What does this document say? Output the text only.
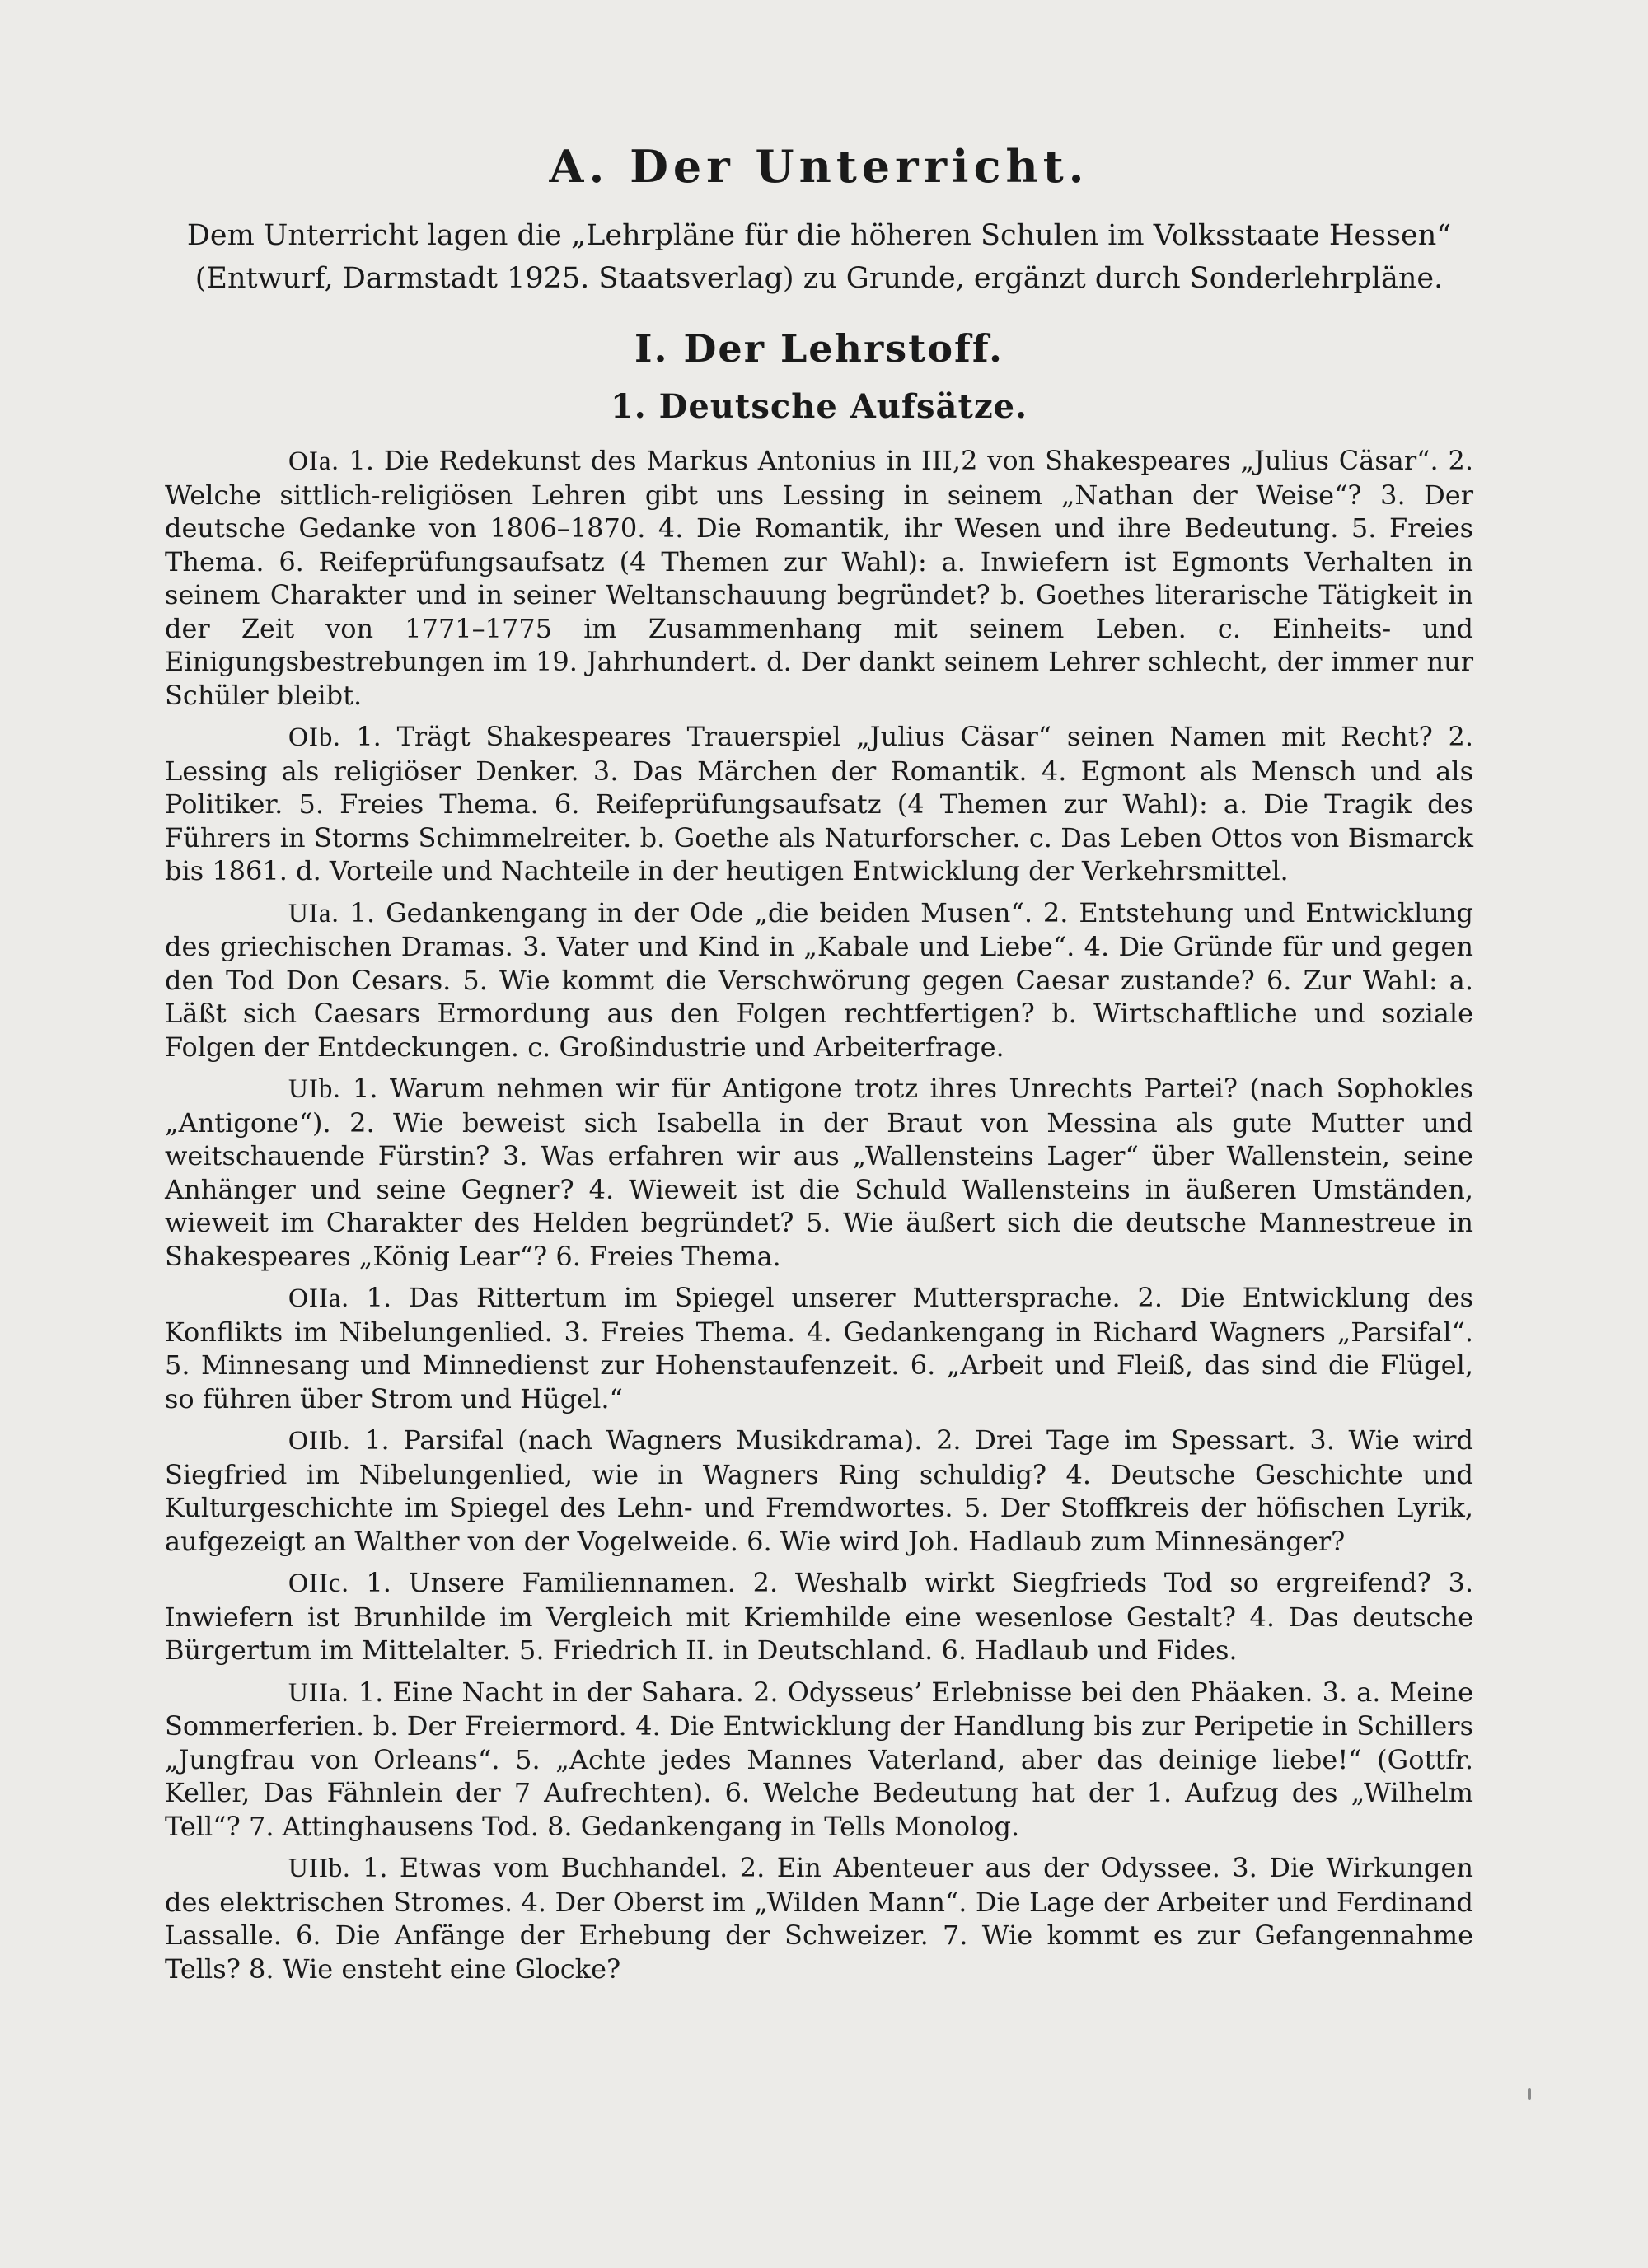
A. Der Unterricht.

Dem Unterricht lagen die „Lehrpläne für die höheren Schulen im Volksstaate Hessen“ (Entwurf, Darmstadt 1925. Staatsverlag) zu Grunde, ergänzt durch Sonderlehrpläne.

I. Der Lehrstoff.
1. Deutsche Aufsätze.

OIa. 1. Die Redekunst des Markus Antonius in III,2 von Shakespeares „Julius Cäsar“. 2. Welche sittlich-religiösen Lehren gibt uns Lessing in seinem „Nathan der Weise“? 3. Der deutsche Gedanke von 1806–1870. 4. Die Romantik, ihr Wesen und ihre Bedeutung. 5. Freies Thema. 6. Reifeprüfungsaufsatz (4 Themen zur Wahl): a. Inwiefern ist Egmonts Verhalten in seinem Charakter und in seiner Weltanschauung begründet? b. Goethes literarische Tätigkeit in der Zeit von 1771–1775 im Zusammenhang mit seinem Leben. c. Einheits- und Einigungsbestrebungen im 19. Jahrhundert. d. Der dankt seinem Lehrer schlecht, der immer nur Schüler bleibt.

OIb. 1. Trägt Shakespeares Trauerspiel „Julius Cäsar“ seinen Namen mit Recht? 2. Lessing als religiöser Denker. 3. Das Märchen der Romantik. 4. Egmont als Mensch und als Politiker. 5. Freies Thema. 6. Reifeprüfungsaufsatz (4 Themen zur Wahl): a. Die Tragik des Führers in Storms Schimmelreiter. b. Goethe als Naturforscher. c. Das Leben Ottos von Bismarck bis 1861. d. Vorteile und Nachteile in der heutigen Entwicklung der Verkehrsmittel.

UIa. 1. Gedankengang in der Ode „die beiden Musen“. 2. Entstehung und Entwicklung des griechischen Dramas. 3. Vater und Kind in „Kabale und Liebe“. 4. Die Gründe für und gegen den Tod Don Cesars. 5. Wie kommt die Verschwörung gegen Caesar zustande? 6. Zur Wahl: a. Läßt sich Caesars Ermordung aus den Folgen rechtfertigen? b. Wirtschaftliche und soziale Folgen der Entdeckungen. c. Großindustrie und Arbeiterfrage.

UIb. 1. Warum nehmen wir für Antigone trotz ihres Unrechts Partei? (nach Sophokles „Antigone“). 2. Wie beweist sich Isabella in der Braut von Messina als gute Mutter und weitschauende Fürstin? 3. Was erfahren wir aus „Wallensteins Lager“ über Wallenstein, seine Anhänger und seine Gegner? 4. Wieweit ist die Schuld Wallensteins in äußeren Umständen, wieweit im Charakter des Helden begründet? 5. Wie äußert sich die deutsche Mannestreue in Shakespeares „König Lear“? 6. Freies Thema.

OIIa. 1. Das Rittertum im Spiegel unserer Muttersprache. 2. Die Entwicklung des Konflikts im Nibelungenlied. 3. Freies Thema. 4. Gedankengang in Richard Wagners „Parsifal“. 5. Minnesang und Minnedienst zur Hohenstaufenzeit. 6. „Arbeit und Fleiß, das sind die Flügel, so führen über Strom und Hügel.“

OIIb. 1. Parsifal (nach Wagners Musikdrama). 2. Drei Tage im Spessart. 3. Wie wird Siegfried im Nibelungenlied, wie in Wagners Ring schuldig? 4. Deutsche Geschichte und Kulturgeschichte im Spiegel des Lehn- und Fremdwortes. 5. Der Stoffkreis der höfischen Lyrik, aufgezeigt an Walther von der Vogelweide. 6. Wie wird Joh. Hadlaub zum Minnesänger?

OIIc. 1. Unsere Familiennamen. 2. Weshalb wirkt Siegfrieds Tod so ergreifend? 3. Inwiefern ist Brunhilde im Vergleich mit Kriemhilde eine wesenlose Gestalt? 4. Das deutsche Bürgertum im Mittelalter. 5. Friedrich II. in Deutschland. 6. Hadlaub und Fides.

UIIa. 1. Eine Nacht in der Sahara. 2. Odysseus’ Erlebnisse bei den Phäaken. 3. a. Meine Sommerferien. b. Der Freiermord. 4. Die Entwicklung der Handlung bis zur Peripetie in Schillers „Jungfrau von Orleans“. 5. „Achte jedes Mannes Vaterland, aber das deinige liebe!“ (Gottfr. Keller, Das Fähnlein der 7 Aufrechten). 6. Welche Bedeutung hat der 1. Aufzug des „Wilhelm Tell“? 7. Attinghausens Tod. 8. Gedankengang in Tells Monolog.

UIIb. 1. Etwas vom Buchhandel. 2. Ein Abenteuer aus der Odyssee. 3. Die Wirkungen des elektrischen Stromes. 4. Der Oberst im „Wilden Mann“. Die Lage der Arbeiter und Ferdinand Lassalle. 6. Die Anfänge der Erhebung der Schweizer. 7. Wie kommt es zur Gefangennahme Tells? 8. Wie ensteht eine Glocke?
